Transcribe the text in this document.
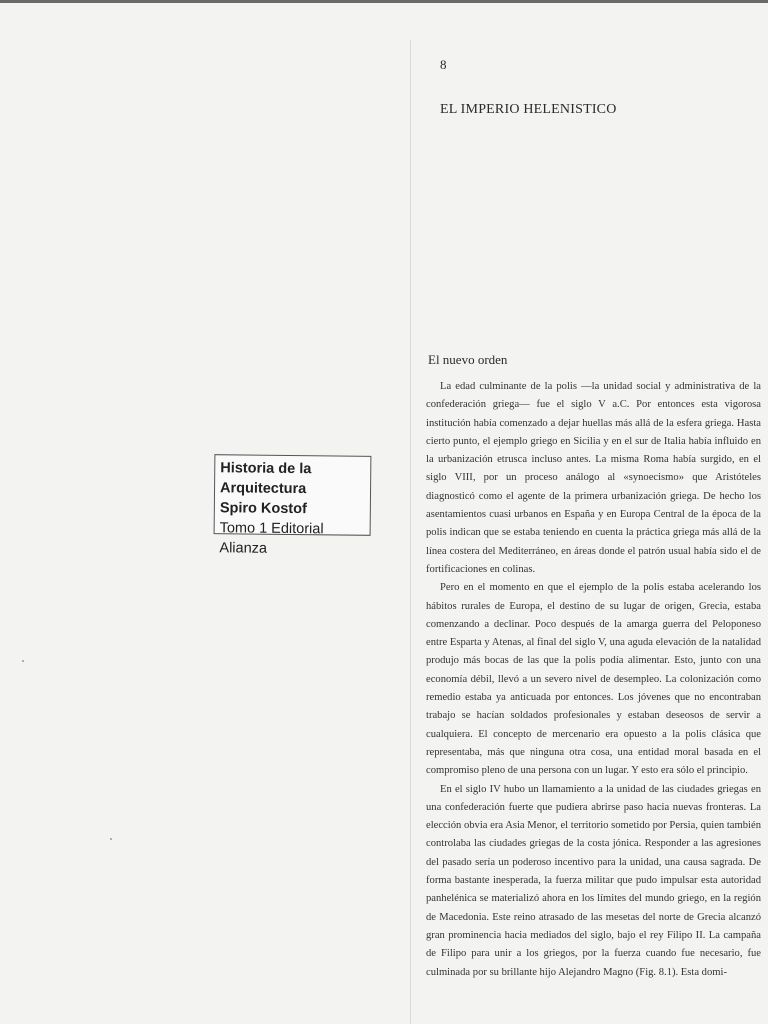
Historia de la Arquitectura
Spiro Kostof
Tomo 1 Editorial Alianza
8
EL IMPERIO HELENISTICO
El nuevo orden

La edad culminante de la polis —la unidad social y administrativa de la confederación griega— fue el siglo V a.C. Por entonces esta vigorosa institución había comenzado a dejar huellas más allá de la esfera griega. Hasta cierto punto, el ejemplo griego en Sicilia y en el sur de Italia había influido en la urbanización etrusca incluso antes. La misma Roma había surgido, en el siglo VIII, por un proceso análogo al «synoecismo» que Aristóteles diagnosticó como el agente de la primera urbanización griega. De hecho los asentamientos cuasi urbanos en España y en Europa Central de la época de la polis indican que se estaba teniendo en cuenta la práctica griega más allá de la línea costera del Mediterráneo, en áreas donde el patrón usual había sido el de fortificaciones en colinas.

Pero en el momento en que el ejemplo de la polis estaba acelerando los hábitos rurales de Europa, el destino de su lugar de origen, Grecia, estaba comenzando a declinar. Poco después de la amarga guerra del Peloponeso entre Esparta y Atenas, al final del siglo V, una aguda elevación de la natalidad produjo más bocas de las que la polis podía alimentar. Esto, junto con una economía débil, llevó a un severo nivel de desempleo. La colonización como remedio estaba ya anticuada por entonces. Los jóvenes que no encontraban trabajo se hacían soldados profesionales y estaban deseosos de servir a cualquiera. El concepto de mercenario era opuesto a la polis clásica que representaba, más que ninguna otra cosa, una entidad moral basada en el compromiso pleno de una persona con un lugar. Y esto era sólo el principio.

En el siglo IV hubo un llamamiento a la unidad de las ciudades griegas en una confederación fuerte que pudiera abrirse paso hacia nuevas fronteras. La elección obvia era Asia Menor, el territorio sometido por Persia, quien también controlaba las ciudades griegas de la costa jónica. Responder a las agresiones del pasado sería un poderoso incentivo para la unidad, una causa sagrada. De forma bastante inesperada, la fuerza militar que pudo impulsar esta autoridad panhelénica se materializó ahora en los límites del mundo griego, en la región de Macedonia. Este reino atrasado de las mesetas del norte de Grecia alcanzó gran prominencia hacia mediados del siglo, bajo el rey Filipo II. La campaña de Filipo para unir a los griegos, por la fuerza cuando fue necesario, fue culminada por su brillante hijo Alejandro Magno (Fig. 8.1). Esta domi-
